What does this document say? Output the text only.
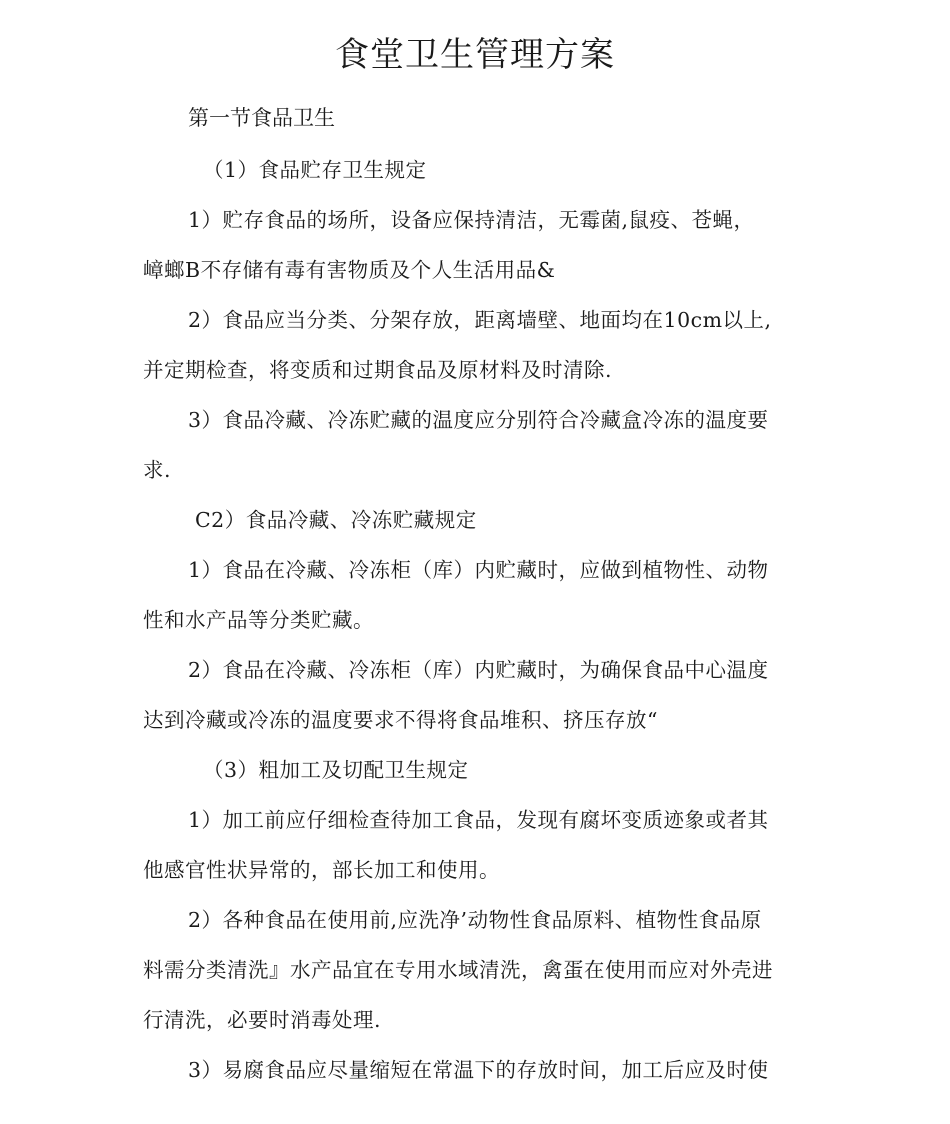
食堂卫生管理方案
第一节食品卫生
（1）食品贮存卫生规定
1）贮存食品的场所，设备应保持清洁，无霉菌,鼠疫、苍蝇，
嶂螂B不存储有毒有害物质及个人生活用品&
2）食品应当分类、分架存放，距离墙壁、地面均在10cm以上,
并定期检查，将变质和过期食品及原材料及时清除.
3）食品冷藏、冷冻贮藏的温度应分别符合冷藏盒冷冻的温度要
求.
C2）食品冷藏、冷冻贮藏规定
1）食品在冷藏、冷冻柜（库）内贮藏时，应做到植物性、动物
性和水产品等分类贮藏。
2）食品在冷藏、冷冻柜（库）内贮藏时，为确保食品中心温度
达到冷藏或冷冻的温度要求不得将食品堆积、挤压存放“
（3）粗加工及切配卫生规定
1）加工前应仔细检查待加工食品，发现有腐坏变质迹象或者其
他感官性状异常的，部长加工和使用。
2）各种食品在使用前,应洗净’动物性食品原料、植物性食品原
料需分类清洗』水产品宜在专用水域清洗，禽蛋在使用而应对外壳进
行清洗，必要时消毒处理.
3）易腐食品应尽量缩短在常温下的存放时间，加工后应及时使
